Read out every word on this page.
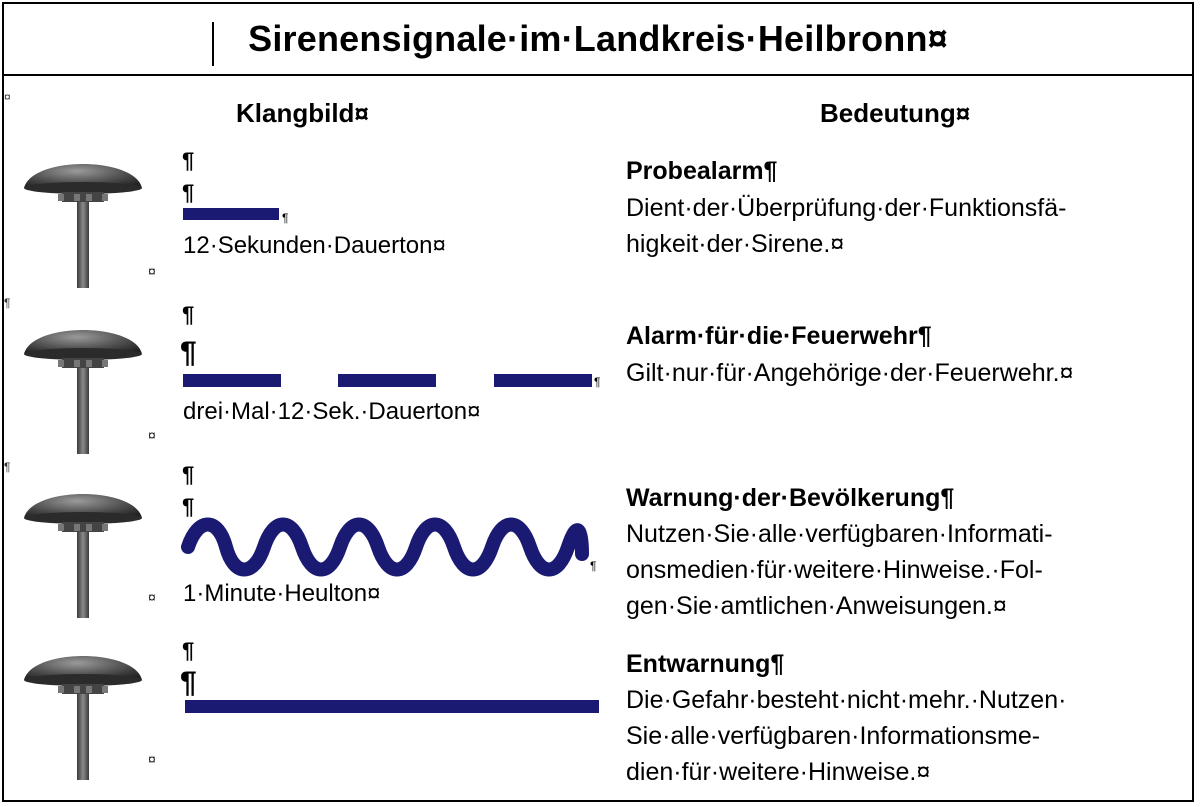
Sirenensignale·im·Landkreis·Heilbronn¤
¤
¶
¶
Klangbild¤	Bedeutung¤
¤
¶
¶
¶
12·Sekunden·Dauerton¤
Probealarm¶
Dient·der·Überprüfung·der·Funktionsfä-
higkeit·der·Sirene.¤
¤
¶
¶
¶
drei·Mal·12·Sek.·Dauerton¤
Alarm·für·die·Feuerwehr¶
Gilt·nur·für·Angehörige·der·Feuerwehr.¤
¤
¶
¶
¶
1·Minute·Heulton¤
Warnung·der·Bevölkerung¶
Nutzen·Sie·alle·verfügbaren·Informati-
onsmedien·für·weitere·Hinweise.·Fol-
gen·Sie·amtlichen·Anweisungen.¤
¤
¶
¶
Entwarnung¶
Die·Gefahr·besteht·nicht·mehr.·Nutzen·
Sie·alle·verfügbaren·Informationsme-
dien·für·weitere·Hinweise.¤
